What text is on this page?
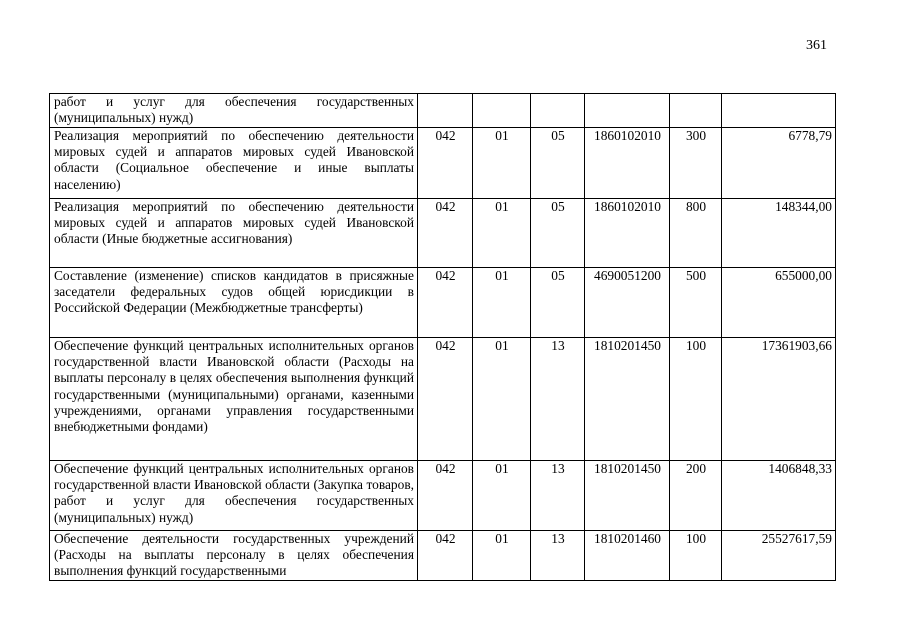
361
работ и услуг для обеспечения государственных (муниципальных) нужд)						
Реализация мероприятий по обеспечению деятельности мировых судей и аппаратов мировых судей Ивановской области (Социальное обеспечение и иные выплаты населению)	042	01	05	1860102010	300	6778,79
Реализация мероприятий по обеспечению деятельности мировых судей и аппаратов мировых судей Ивановской области (Иные бюджетные ассигнования)	042	01	05	1860102010	800	148344,00
Составление (изменение) списков кандидатов в присяжные заседатели федеральных судов общей юрисдикции в Российской Федерации (Межбюджетные трансферты)	042	01	05	4690051200	500	655000,00
Обеспечение функций центральных исполнительных органов государственной власти Ивановской области (Расходы на выплаты персоналу в целях обеспечения выполнения функций государственными (муниципальными) органами, казенными учреждениями, органами управления государственными внебюджетными фондами)	042	01	13	1810201450	100	17361903,66
Обеспечение функций центральных исполнительных органов государственной власти Ивановской области (Закупка товаров, работ и услуг для обеспечения государственных (муниципальных) нужд)	042	01	13	1810201450	200	1406848,33
Обеспечение деятельности государственных учреждений (Расходы на выплаты персоналу в целях обеспечения выполнения функций государственными	042	01	13	1810201460	100	25527617,59
